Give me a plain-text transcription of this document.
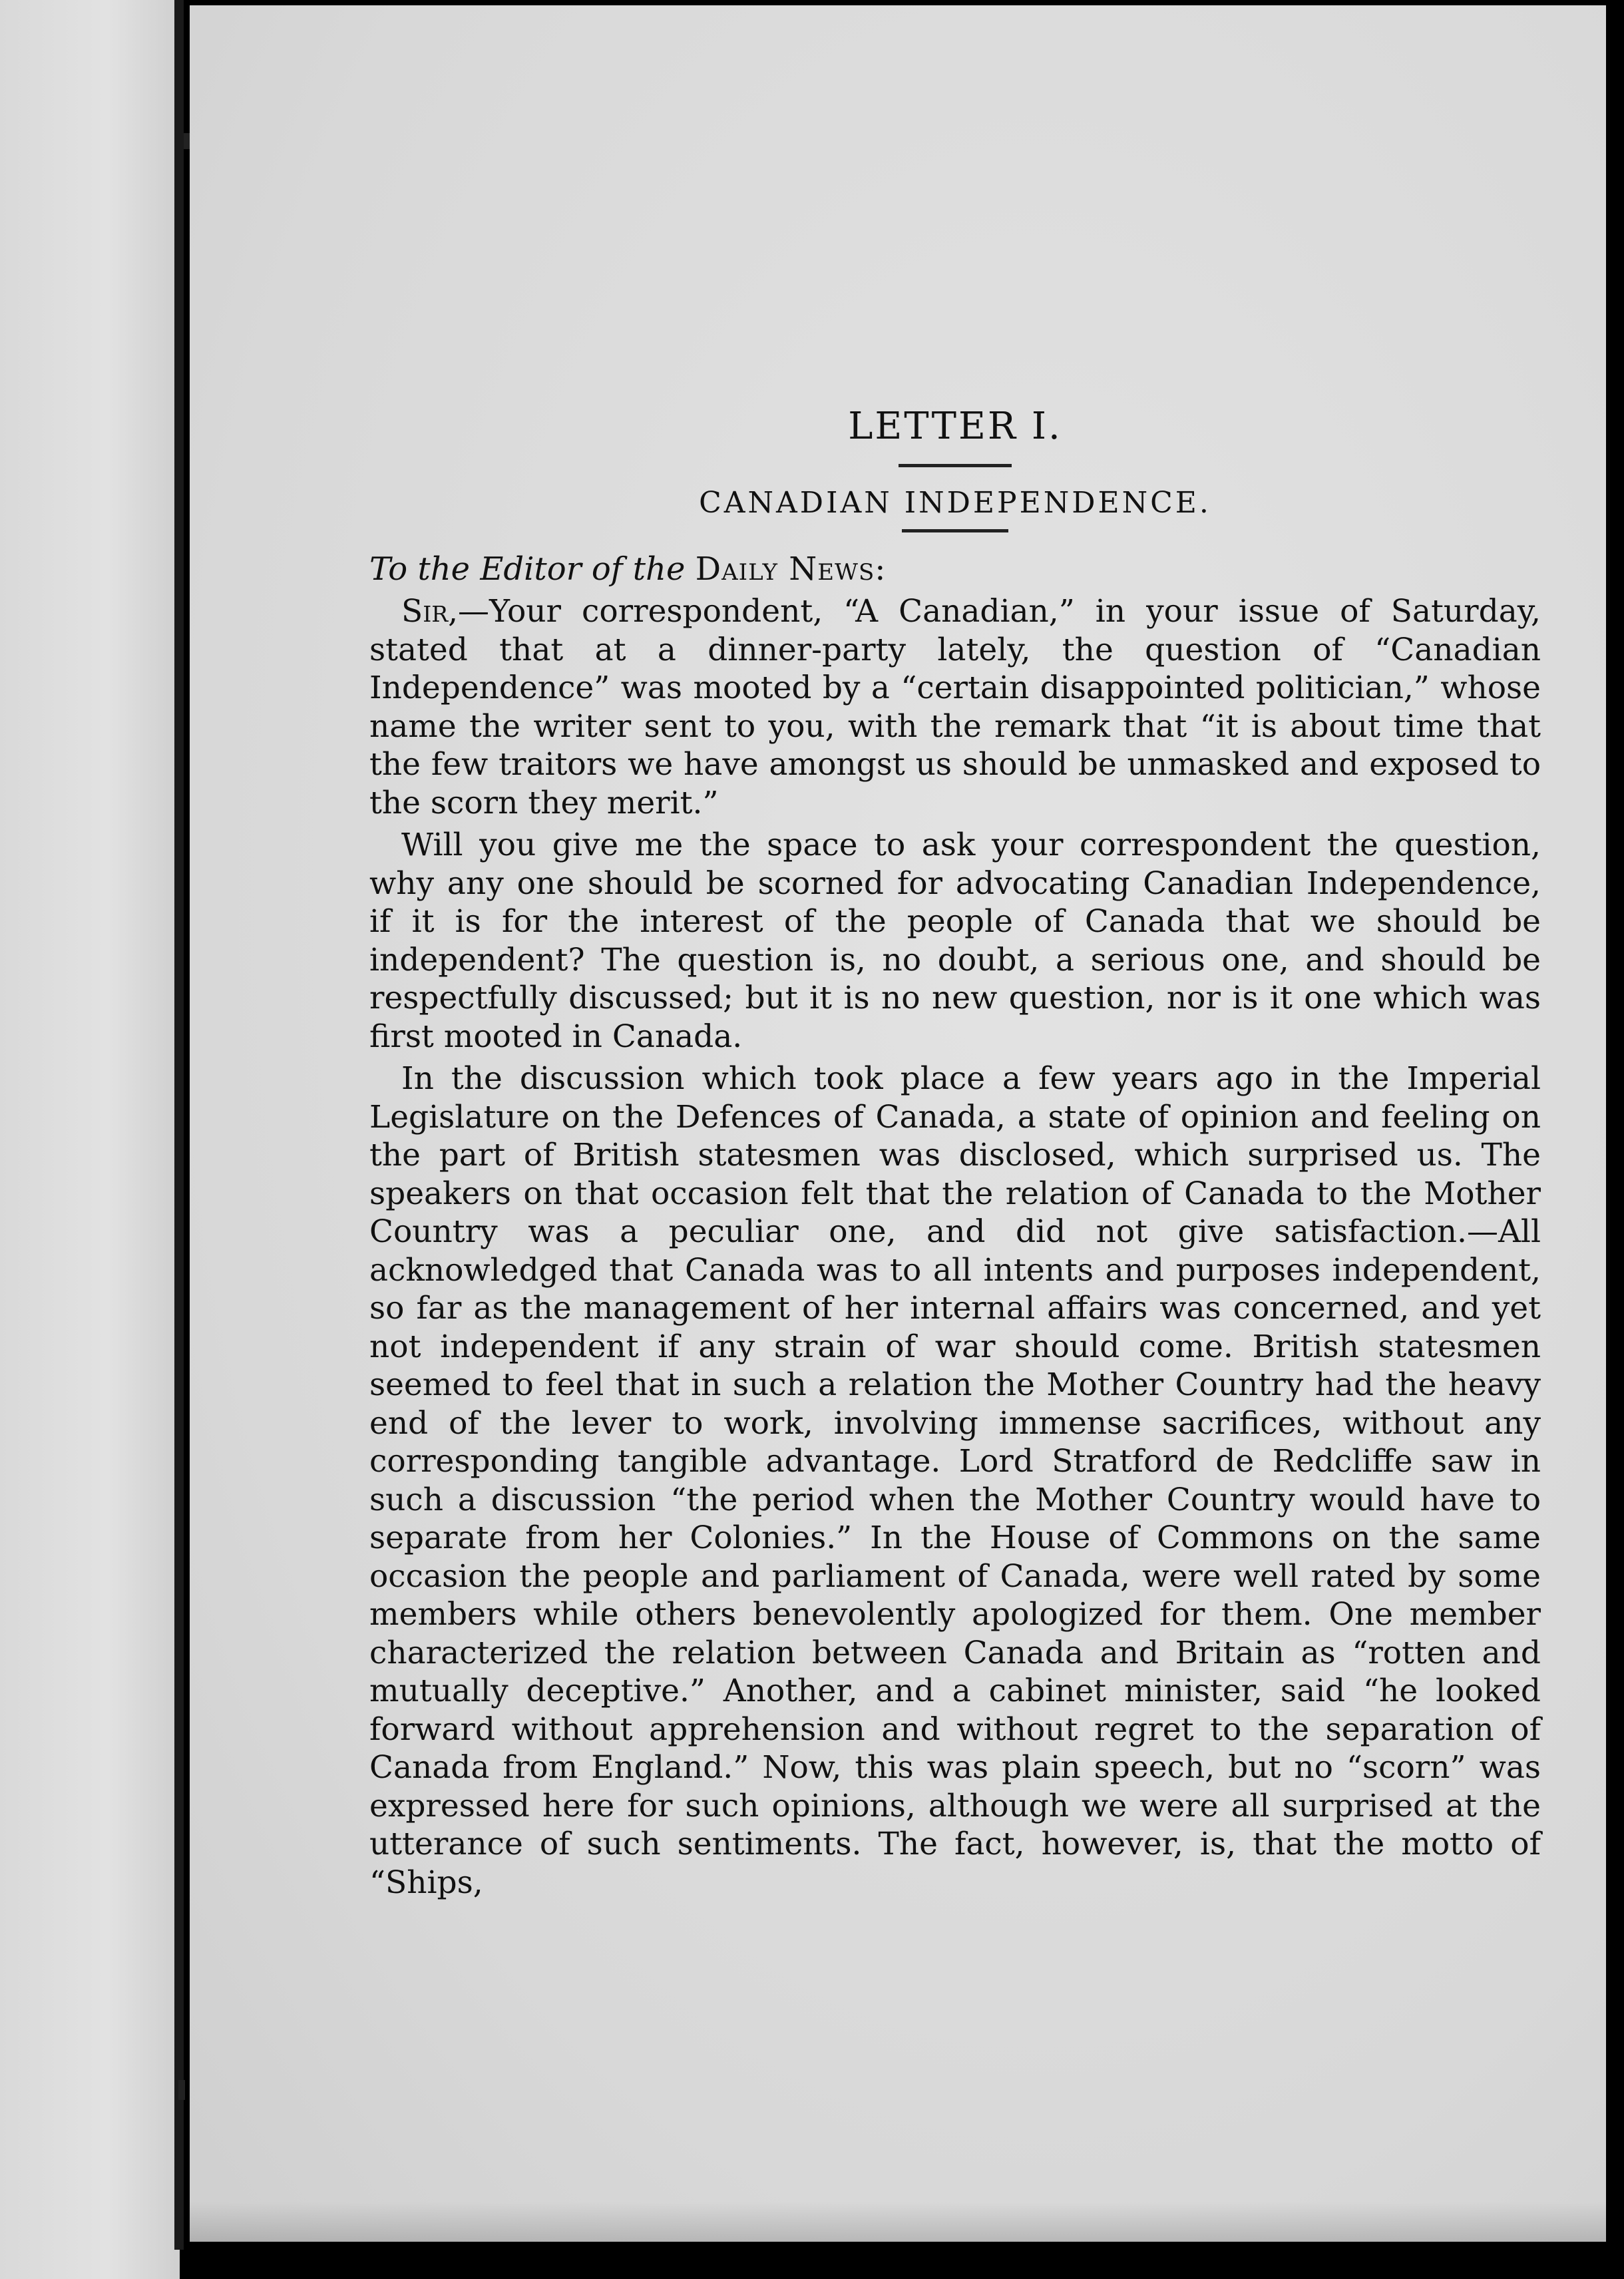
LETTER I.
CANADIAN INDEPENDENCE.

To the Editor of the Daily News:

Sir,—Your correspondent, “A Canadian,” in your issue of Saturday, stated that at a dinner-party lately, the question of “Canadian Independence” was mooted by a “certain disappointed politician,” whose name the writer sent to you, with the remark that “it is about time that the few traitors we have amongst us should be unmasked and exposed to the scorn they merit.”

Will you give me the space to ask your correspondent the question, why any one should be scorned for advocating Canadian Independence, if it is for the interest of the people of Canada that we should be independent? The question is, no doubt, a serious one, and should be respectfully discussed; but it is no new question, nor is it one which was first mooted in Canada.

In the discussion which took place a few years ago in the Imperial Legislature on the Defences of Canada, a state of opinion and feeling on the part of British statesmen was disclosed, which surprised us. The speakers on that occasion felt that the relation of Canada to the Mother Country was a peculiar one, and did not give satisfaction.—All acknowledged that Canada was to all intents and purposes independent, so far as the management of her internal affairs was concerned, and yet not independent if any strain of war should come. British statesmen seemed to feel that in such a relation the Mother Country had the heavy end of the lever to work, involving immense sacrifices, without any corresponding tangible advantage. Lord Stratford de Redcliffe saw in such a discussion “the period when the Mother Country would have to separate from her Colonies.” In the House of Commons on the same occasion the people and parliament of Canada, were well rated by some members while others benevolently apologized for them. One member characterized the relation between Canada and Britain as “rotten and mutually deceptive.” Another, and a cabinet minister, said “he looked forward without apprehension and without regret to the separation of Canada from England.” Now, this was plain speech, but no “scorn” was expressed here for such opinions, although we were all surprised at the utterance of such sentiments. The fact, however, is, that the motto of “Ships,
